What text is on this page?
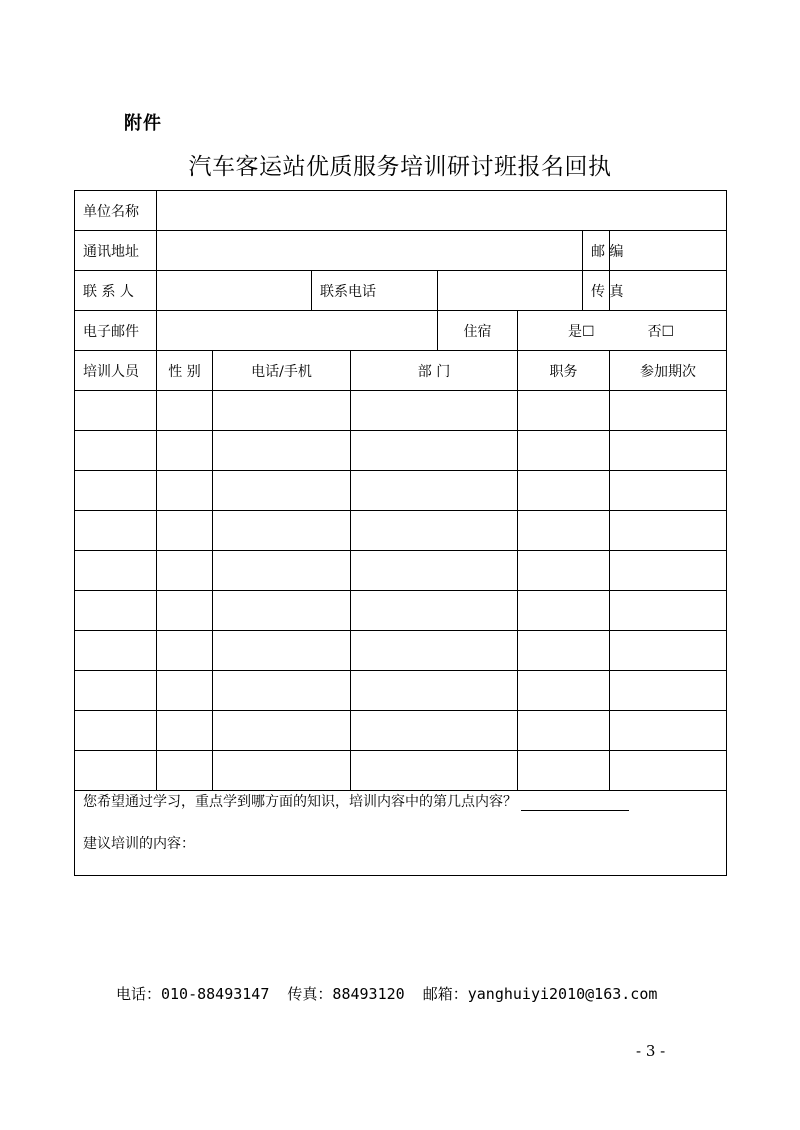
附件
汽车客运站优质服务培训研讨班报名回执
单位名称								
通讯地址							邮 编	
联 系 人			联系电话				传 真	
电子邮件					住宿	是☐ 否☐		
培训人员	性 别	电话/手机		部 门		职务		参加期次

您希望通过学习，重点学到哪方面的知识，培训内容中的第几点内容？

建议培训的内容：								

电话：010-88493147  传真：88493120  邮箱：yanghuiyi2010@163.com
- 3 -
